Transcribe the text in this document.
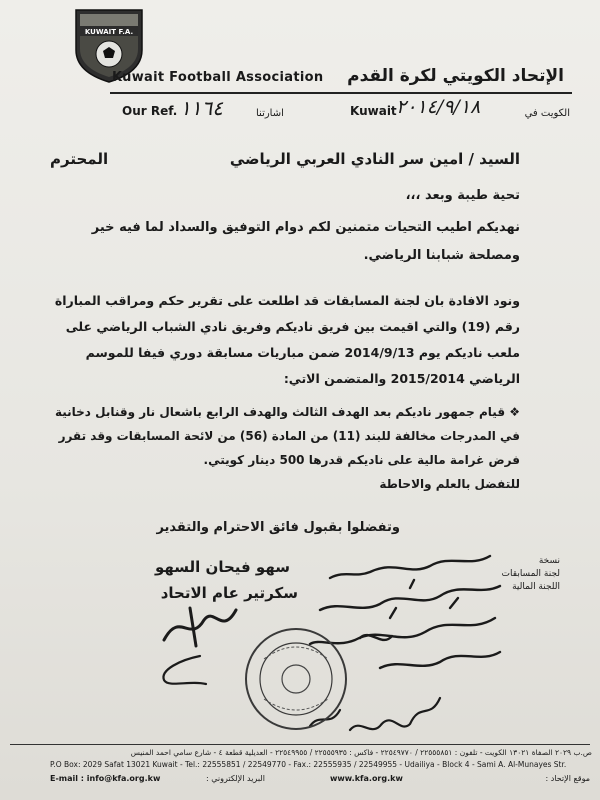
KUWAIT F.A.
Kuwait Football Association الإتحاد الكويتي لكرة القدم
Our Ref. ١١٦٤	اشارتنا	Kuwait ٢٠١٤/٩/١٨	الكويت في
السيد / امين سر النادي العربي الرياضي
المحترم
تحية طيبة وبعد ،،،
نهديكم اطيب التحيات متمنين لكم دوام التوفيق والسداد لما فيه خير ومصلحة شبابنا الرياضي.
ونود الافادة بان لجنة المسابقات قد اطلعت على تقرير حكم ومراقب المباراة رقم (19) والتي اقيمت بين فريق ناديكم وفريق نادي الشباب الرياضي على ملعب ناديكم يوم 2014/9/13 ضمن مباريات مسابقة دوري فيفا للموسم الرياضي 2015/2014 والمتضمن الاتي:
❖ قيام جمهور ناديكم بعد الهدف الثالث والهدف الرابع باشعال نار وقنابل دخانية في المدرجات مخالفة للبند (11) من المادة (56) من لائحة المسابقات وقد تقرر فرض غرامة مالية على ناديكم قدرها 500 دينار كويتي.
للتفضل بالعلم والاحاطة
وتفضلوا بقبول فائق الاحترام والتقدير
سهو فيحان السهو
سكرتير عام الاتحاد
نسخة
لجنة المسابقات
اللجنة المالية
ص.ب ٢٠٢٩ الصفاة ١٣٠٢١ الكويت - تلفون : ٢٢٥٥٥٨٥١ / ٢٢٥٤٩٧٧٠ - فاكس : ٢٢٥٥٥٩٣٥ / ٢٢٥٤٩٩٥٥ - العديلية قطعة ٤ - شارع سامي احمد المنيس
P.O Box: 2029 Safat 13021 Kuwait - Tel.: 22555851 / 22549770 - Fax.: 22555935 / 22549955 - Udailiya - Block 4 - Sami A. Al-Munayes Str.
E-mail : info@kfa.org.kw	البريد الإلكتروني :	www.kfa.org.kw	موقع الإتحاد :
